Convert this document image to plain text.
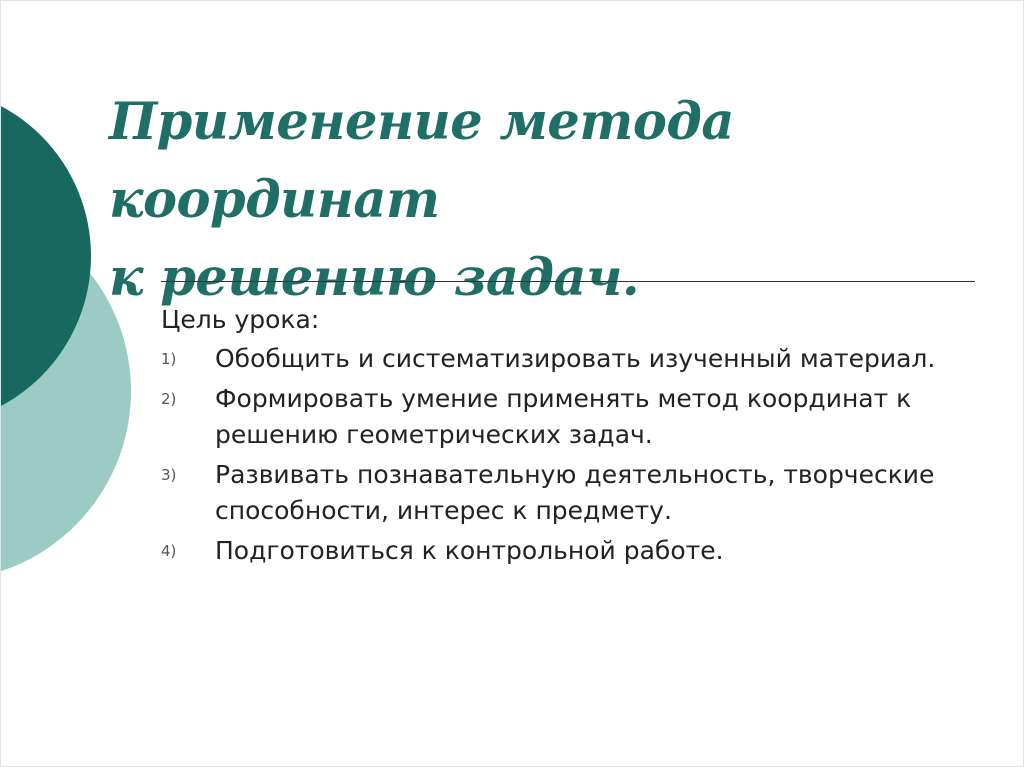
Применение метода координат
к решению задач.

Цель урока:

1) Обобщить и систематизировать изученный материал.
2) Формировать умение применять метод координат к решению геометрических задач.
3) Развивать познавательную деятельность, творческие способности, интерес к предмету.
4) Подготовиться к контрольной работе.
